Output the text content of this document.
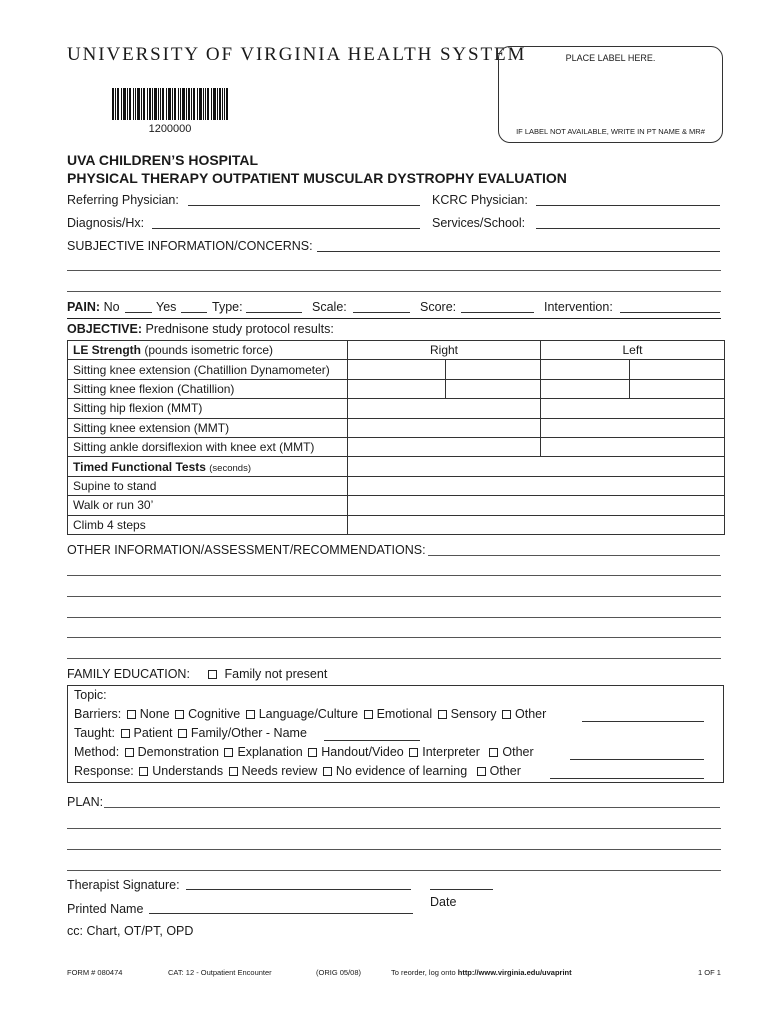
UNIVERSITY OF VIRGINIA HEALTH SYSTEM	PLACE LABEL HERE.
IF LABEL NOT AVAILABLE, WRITE IN PT NAME & MR#
1200000
UVA CHILDREN’S HOSPITAL
PHYSICAL THERAPY OUTPATIENT MUSCULAR DYSTROPHY EVALUATION
Referring Physician:	KCRC Physician:
Diagnosis/Hx:	Services/School:
SUBJECTIVE INFORMATION/CONCERNS:
PAIN: No	Yes	Type:	Scale:	Score:	Intervention:
OBJECTIVE: Prednisone study protocol results:
LE Strength (pounds isometric force)	Right		Left	
Sitting knee extension (Chatillion Dynamometer)				
Sitting knee flexion (Chatillion)				
Sitting hip flexion (MMT)				
Sitting knee extension (MMT)				
Sitting ankle dorsiflexion with knee ext (MMT)				
Timed Functional Tests (seconds)				
Supine to stand				
Walk or run 30’				
Climb 4 steps				
OTHER INFORMATION/ASSESSMENT/RECOMMENDATIONS:
FAMILY EDUCATION:	Family not present
Topic:
Barriers: None Cognitive Language/Culture Emotional Sensory Other
Taught: Patient Family/Other - Name
Method: Demonstration Explanation Handout/Video Interpreter Other
Response: Understands Needs review No evidence of learning Other
PLAN:
Therapist Signature:
Date
Printed Name
cc: Chart, OT/PT, OPD
FORM # 080474	CAT: 12 - Outpatient Encounter	(ORIG 05/08)	To reorder, log onto http://www.virginia.edu/uvaprint	1 OF 1
